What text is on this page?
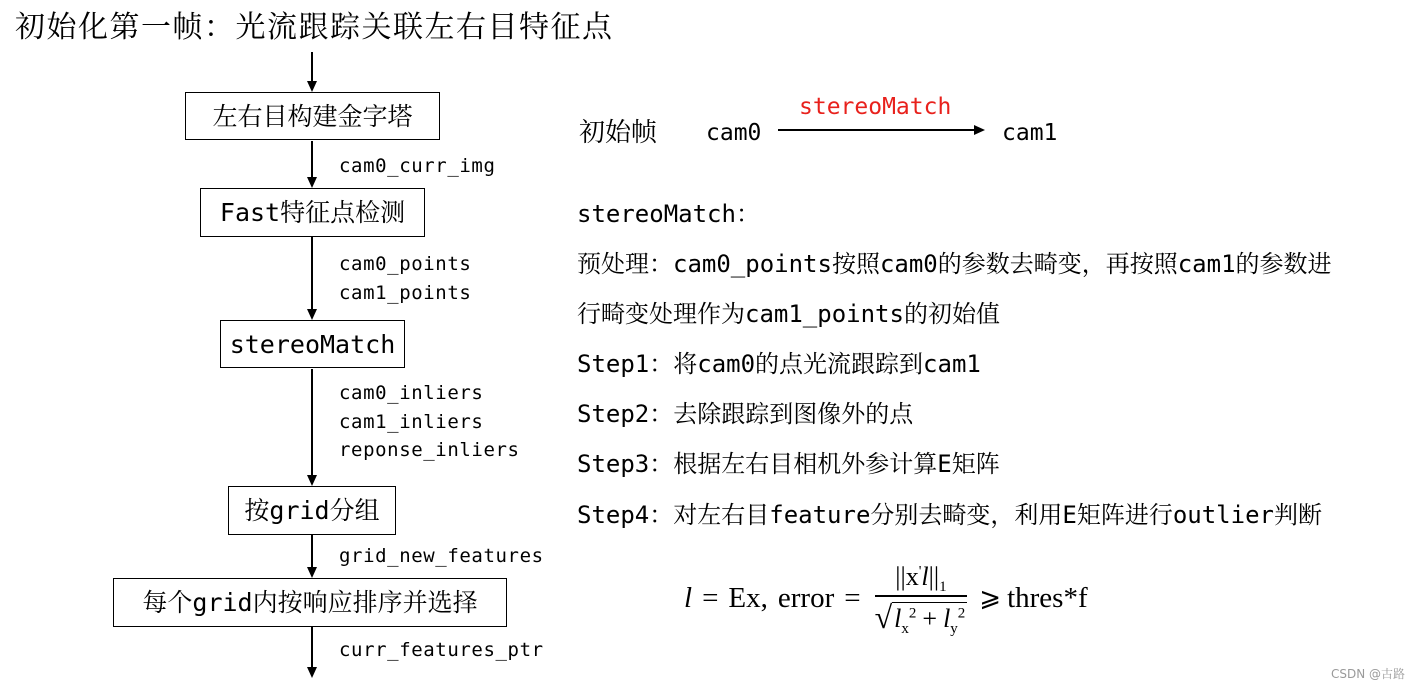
初始化第一帧：光流跟踪关联左右目特征点
左右目构建金字塔
cam0_curr_img
Fast特征点检测
cam0_points
cam1_points
stereoMatch
cam0_inliers
cam1_inliers
reponse_inliers
按grid分组
grid_new_features
每个grid内按响应排序并选择
curr_features_ptr
初始帧 cam0
stereoMatch
cam1
stereoMatch：
预处理：cam0_points按照cam0的参数去畸变，再按照cam1的参数进
行畸变处理作为cam1_points的初始值
Step1：将cam0的点光流跟踪到cam1
Step2：去除跟踪到图像外的点
Step3：根据左右目相机外参计算E矩阵
Step4：对左右目feature分别去畸变，利用E矩阵进行outlier判断
l = Ex, error = $\frac{||x'l||_1}{√ l_x^2 + l_y^2}$ ⩾ thres*f
CSDN @古路
